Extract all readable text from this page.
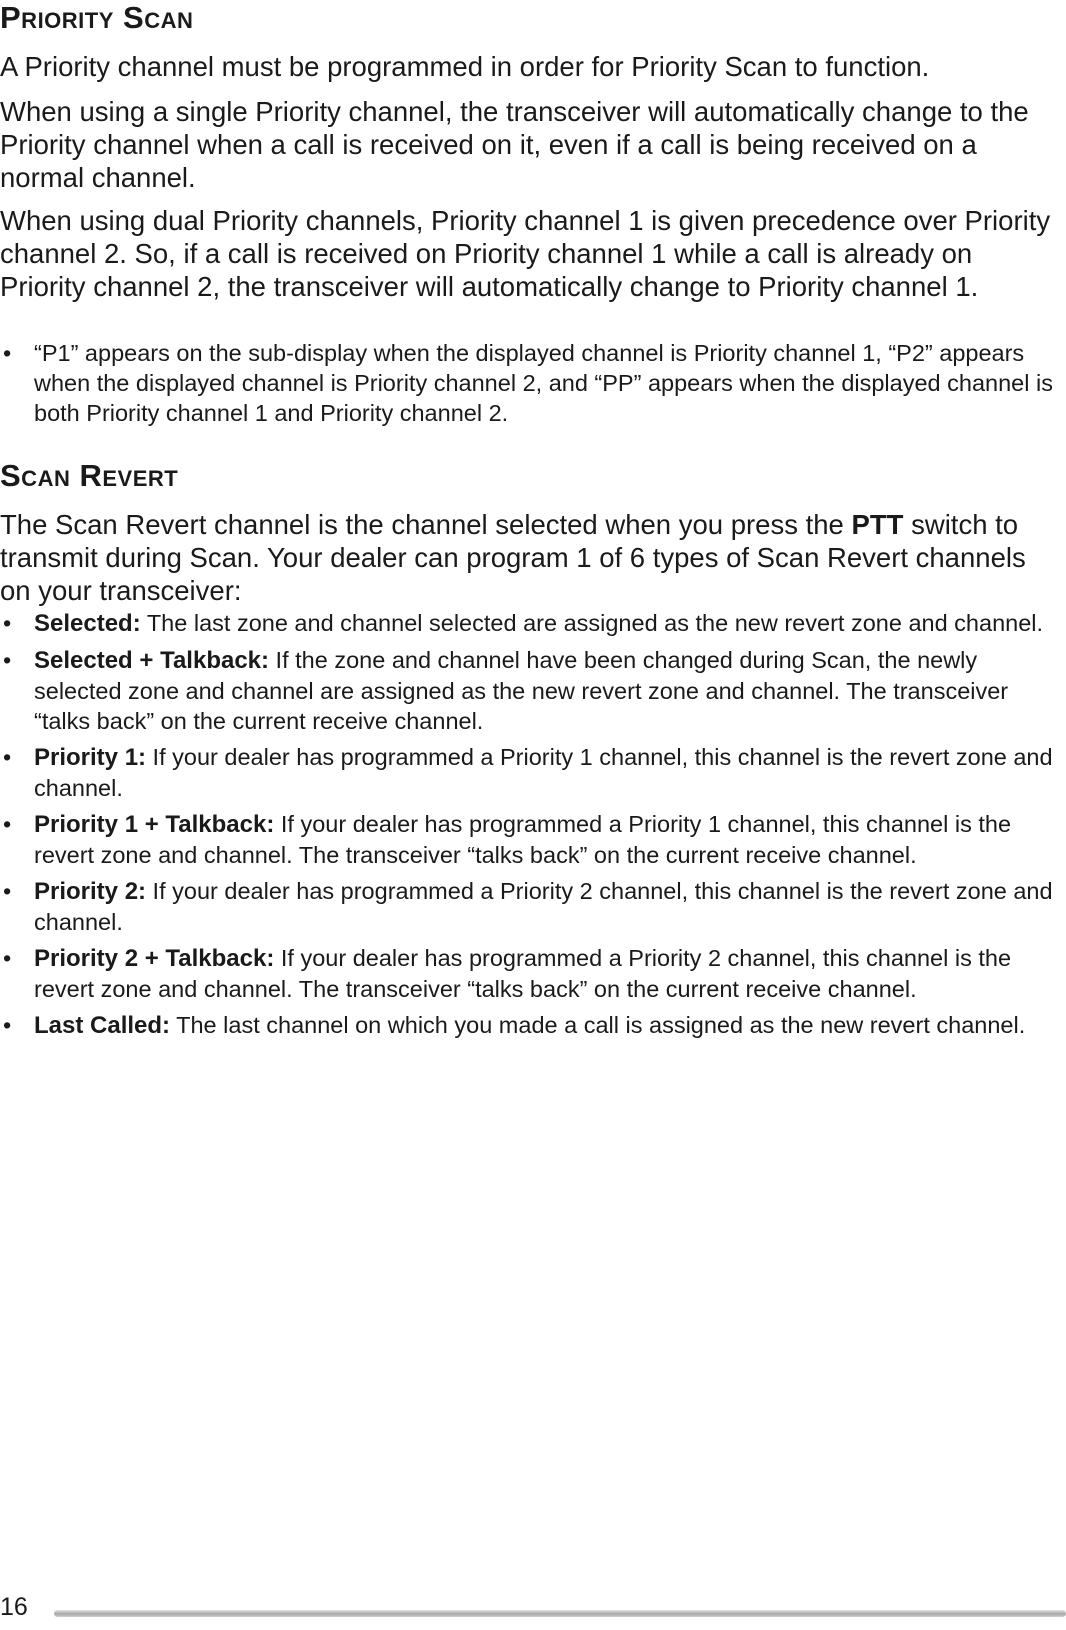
Priority Scan

A Priority channel must be programmed in order for Priority Scan to function.

When using a single Priority channel, the transceiver will automatically change to the Priority channel when a call is received on it, even if a call is being received on a normal channel.

When using dual Priority channels, Priority channel 1 is given precedence over Priority channel 2. So, if a call is received on Priority channel 1 while a call is already on Priority channel 2, the transceiver will automatically change to Priority channel 1.

• “P1” appears on the sub-display when the displayed channel is Priority channel 1, “P2” appears when the displayed channel is Priority channel 2, and “PP” appears when the displayed channel is both Priority channel 1 and Priority channel 2.
Scan Revert

The Scan Revert channel is the channel selected when you press the PTT switch to transmit during Scan. Your dealer can program 1 of 6 types of Scan Revert channels on your transceiver:

• Selected: The last zone and channel selected are assigned as the new revert zone and channel.
• Selected + Talkback: If the zone and channel have been changed during Scan, the newly selected zone and channel are assigned as the new revert zone and channel. The transceiver “talks back” on the current receive channel.
• Priority 1: If your dealer has programmed a Priority 1 channel, this channel is the revert zone and channel.
• Priority 1 + Talkback: If your dealer has programmed a Priority 1 channel, this channel is the revert zone and channel. The transceiver “talks back” on the current receive channel.
• Priority 2: If your dealer has programmed a Priority 2 channel, this channel is the revert zone and channel.
• Priority 2 + Talkback: If your dealer has programmed a Priority 2 channel, this channel is the revert zone and channel. The transceiver “talks back” on the current receive channel.
• Last Called: The last channel on which you made a call is assigned as the new revert channel.
16
